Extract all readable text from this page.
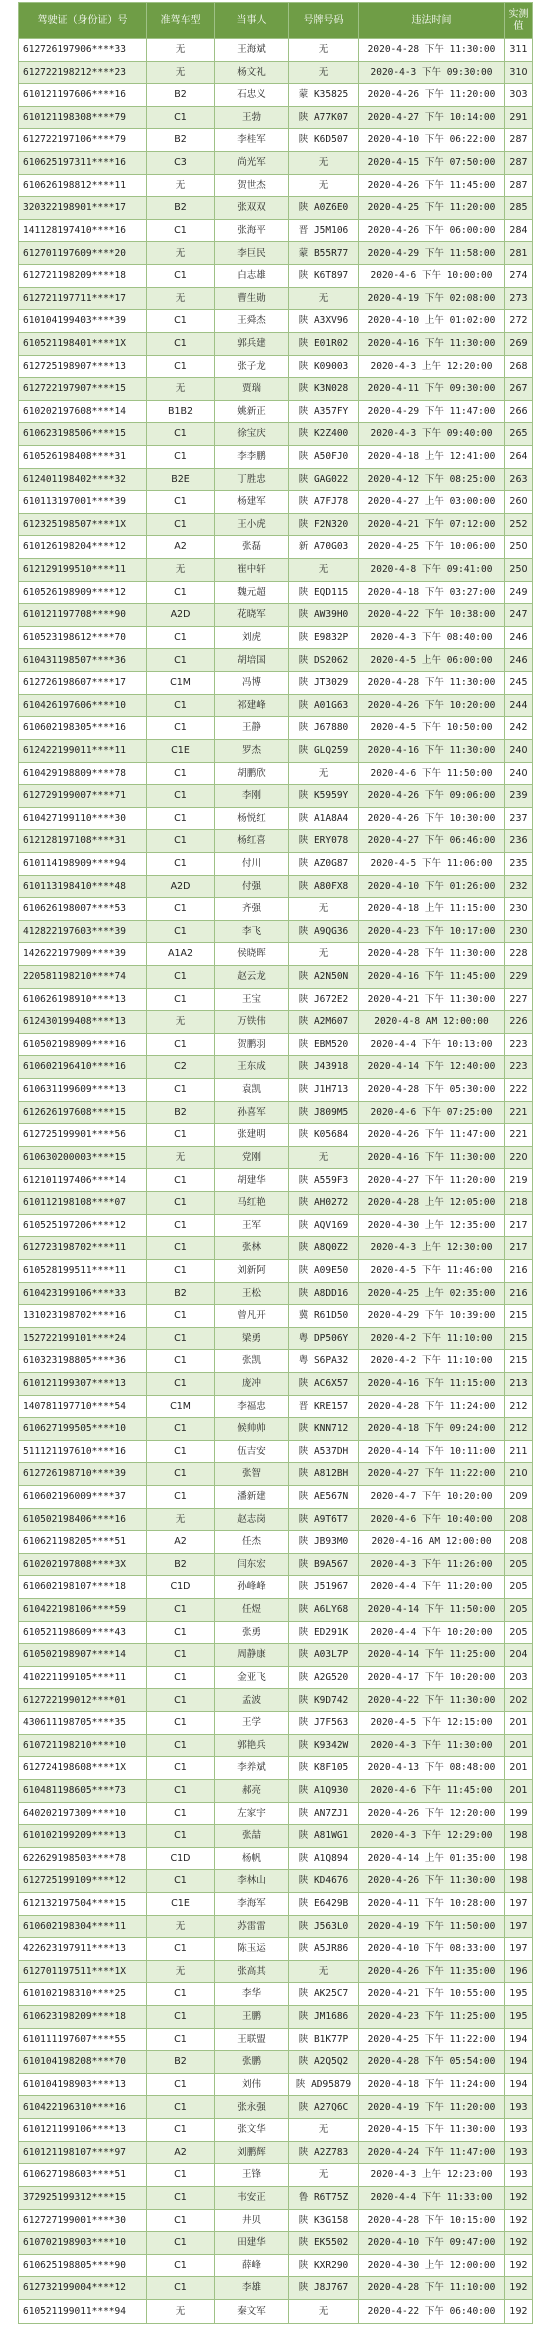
驾驶证（身份证）号	准驾车型	当事人	号牌号码	违法时间	实测值
612726197906****33	无	王海斌	无	2020-4-28 下午 11:30:00	311
612722198212****23	无	杨文礼	无	2020-4-3 下午 09:30:00	310
610121197606****16	B2	石忠义	蒙 K35825	2020-4-26 下午 11:20:00	303
610121198308****79	C1	王勃	陕 A77K07	2020-4-27 下午 10:14:00	291
612722197106****79	B2	李桂军	陕 K6D507	2020-4-10 下午 06:22:00	287
610625197311****16	C3	尚光军	无	2020-4-15 下午 07:50:00	287
610626198812****11	无	贺世杰	无	2020-4-26 下午 11:45:00	287
320322198901****17	B2	张双双	陕 A0Z6E0	2020-4-25 下午 11:20:00	285
141128197410****16	C1	张海平	晋 J5M106	2020-4-26 下午 06:00:00	284
612701197609****20	无	李巨民	蒙 B55R77	2020-4-29 下午 11:58:00	281
612721198209****18	C1	白志雄	陕 K6T897	2020-4-6 下午 10:00:00	274
612721197711****17	无	曹生勋	无	2020-4-19 下午 02:08:00	273
610104199403****39	C1	王舜杰	陕 A3XV96	2020-4-10 上午 01:02:00	272
610521198401****1X	C1	郭兵建	陕 E01R02	2020-4-16 下午 11:30:00	269
612725198907****13	C1	张子龙	陕 K09003	2020-4-3 上午 12:20:00	268
612722197907****15	无	贾瑞	陕 K3N028	2020-4-11 下午 09:30:00	267
610202197608****14	B1B2	姚新正	陕 A357FY	2020-4-29 下午 11:47:00	266
610623198506****15	C1	徐宝庆	陕 K2Z400	2020-4-3 下午 09:40:00	265
610526198408****31	C1	李李鹏	陕 A50FJ0	2020-4-18 上午 12:41:00	264
612401198402****32	B2E	丁胜忠	陕 GAG022	2020-4-12 下午 08:25:00	263
610113197001****39	C1	杨建军	陕 A7FJ78	2020-4-27 上午 03:00:00	260
612325198507****1X	C1	王小虎	陕 F2N320	2020-4-21 下午 07:12:00	252
610126198204****12	A2	张磊	新 A70G03	2020-4-25 下午 10:06:00	250
612129199510****11	无	崔中轩	无	2020-4-8 下午 09:41:00	250
610526198909****12	C1	魏元超	陕 EQD115	2020-4-18 下午 03:27:00	249
610121197708****90	A2D	花晓军	陕 AW39H0	2020-4-22 下午 10:38:00	247
610523198612****70	C1	刘虎	陕 E9832P	2020-4-3 下午 08:40:00	246
610431198507****36	C1	胡培国	陕 DS2062	2020-4-5 上午 06:00:00	246
612726198607****17	C1M	冯博	陕 JT3029	2020-4-28 下午 11:30:00	245
610426197606****10	C1	祁建峰	陕 A01G63	2020-4-26 下午 10:20:00	244
610602198305****16	C1	王静	陕 J67880	2020-4-5 下午 10:50:00	242
612422199011****11	C1E	罗杰	陕 GLQ259	2020-4-16 下午 11:30:00	240
610429198809****78	C1	胡鹏欣	无	2020-4-6 下午 11:50:00	240
612729199007****71	C1	李刚	陕 K5959Y	2020-4-26 下午 09:06:00	239
610427199110****30	C1	杨悦红	陕 A1A8A4	2020-4-26 下午 10:30:00	237
612128197108****31	C1	杨红喜	陕 ERY078	2020-4-27 下午 06:46:00	236
610114198909****94	C1	付川	陕 AZ0G87	2020-4-5 下午 11:06:00	235
610113198410****48	A2D	付强	陕 A80FX8	2020-4-10 下午 01:26:00	232
610626198007****53	C1	齐强	无	2020-4-18 上午 11:15:00	230
412822197603****39	C1	李飞	陕 A9QG36	2020-4-23 下午 10:17:00	230
142622197909****39	A1A2	侯晓晖	无	2020-4-28 下午 11:30:00	228
220581198210****74	C1	赵云龙	陕 A2N50N	2020-4-16 下午 11:45:00	229
610626198910****13	C1	王宝	陕 J672E2	2020-4-21 下午 11:30:00	227
612430199408****13	无	万铁伟	陕 A2M607	2020-4-8 AM 12:00:00	226
610502198909****16	C1	贺鹏羽	陕 EBM520	2020-4-4 下午 10:13:00	223
610602196410****16	C2	王东成	陕 J43918	2020-4-14 下午 12:40:00	223
610631199609****13	C1	袁凯	陕 J1H713	2020-4-28 下午 05:30:00	222
612626197608****15	B2	孙喜军	陕 J809M5	2020-4-6 下午 07:25:00	221
612725199901****56	C1	张建明	陕 K05684	2020-4-26 下午 11:47:00	221
610630200003****15	无	党刚	无	2020-4-16 下午 11:30:00	220
612101197406****14	C1	胡建华	陕 A559F3	2020-4-27 下午 11:20:00	219
610112198108****07	C1	马红艳	陕 AH0272	2020-4-28 上午 12:05:00	218
610525197206****12	C1	王军	陕 AQV169	2020-4-30 上午 12:35:00	217
612723198702****11	C1	张林	陕 A8Q0Z2	2020-4-3 上午 12:30:00	217
610528199511****11	C1	刘新阿	陕 A09E50	2020-4-5 下午 11:46:00	216
610423199106****33	B2	王松	陕 A8DD16	2020-4-25 上午 02:35:00	216
131023198702****16	C1	曾凡开	冀 R61D50	2020-4-29 下午 10:39:00	215
152722199101****24	C1	梁勇	粤 DP506Y	2020-4-2 下午 11:10:00	215
610323198805****36	C1	张凯	粤 S6PA32	2020-4-2 下午 11:10:00	215
610121199307****13	C1	庞冲	陕 AC6X57	2020-4-16 下午 11:15:00	213
140781197710****54	C1M	李福忠	晋 KRE157	2020-4-28 下午 11:24:00	212
610627199505****10	C1	候帅帅	陕 KNN712	2020-4-18 下午 09:24:00	212
511121197610****16	C1	伍吉安	陕 A537DH	2020-4-14 下午 10:11:00	211
612726198710****39	C1	张智	陕 A812BH	2020-4-27 下午 11:22:00	210
610602196009****37	C1	潘新建	陕 AE567N	2020-4-7 下午 10:20:00	209
610502198406****16	无	赵志岗	陕 A9T6T7	2020-4-6 下午 10:40:00	208
610621198205****51	A2	任杰	陕 JB93M0	2020-4-16 AM 12:00:00	208
610202197808****3X	B2	闫东宏	陕 B9A567	2020-4-3 下午 11:26:00	205
610602198107****18	C1D	孙峰峰	陕 J51967	2020-4-4 下午 11:20:00	205
610422198106****59	C1	任煜	陕 A6LY68	2020-4-14 下午 11:50:00	205
610521198609****43	C1	张勇	陕 ED291K	2020-4-4 下午 10:20:00	205
610502198907****14	C1	周静康	陕 A03L7P	2020-4-14 下午 11:25:00	204
410221199105****11	C1	金亚飞	陕 A2G520	2020-4-17 下午 10:20:00	203
612722199012****01	C1	孟波	陕 K9D742	2020-4-22 下午 11:30:00	202
430611198705****35	C1	王学	陕 J7F563	2020-4-5 下午 12:15:00	201
610721198210****10	C1	郭艳兵	陕 K9342W	2020-4-3 下午 11:30:00	201
612724198608****1X	C1	李养斌	陕 K8F105	2020-4-13 下午 08:48:00	201
610481198605****73	C1	郝亮	陕 A1Q930	2020-4-6 下午 11:45:00	201
640202197309****10	C1	左家宇	陕 AN7ZJ1	2020-4-26 下午 12:20:00	199
610102199209****13	C1	张喆	陕 A81WG1	2020-4-3 下午 12:29:00	198
622629198503****78	C1D	杨帆	陕 A1Q894	2020-4-14 上午 01:35:00	198
612725199109****12	C1	李林山	陕 KD4676	2020-4-26 下午 11:30:00	198
612132197504****15	C1E	李海军	陕 E6429B	2020-4-11 下午 10:28:00	197
610602198304****11	无	苏雷雷	陕 J563L0	2020-4-19 下午 11:50:00	197
422623197911****13	C1	陈玉运	陕 A5JR86	2020-4-10 下午 08:33:00	197
612701197511****1X	无	张高其	无	2020-4-26 下午 11:35:00	196
610102198310****25	C1	李华	陕 AK25C7	2020-4-21 下午 10:55:00	195
610623198209****18	C1	王鹏	陕 JM1686	2020-4-23 下午 11:25:00	195
610111197607****55	C1	王联盟	陕 B1K77P	2020-4-25 下午 11:22:00	194
610104198208****70	B2	张鹏	陕 A2Q5Q2	2020-4-28 下午 05:54:00	194
610104198903****13	C1	刘伟	陕 AD95879	2020-4-18 下午 11:24:00	194
610422196310****16	C1	张永强	陕 A27Q6C	2020-4-19 下午 11:20:00	193
610121199106****13	C1	张文华	无	2020-4-15 下午 11:30:00	193
610121198107****97	A2	刘鹏辉	陕 A2Z783	2020-4-24 下午 11:47:00	193
610627198603****51	C1	王锋	无	2020-4-3 上午 12:23:00	193
372925199312****15	C1	韦安正	鲁 R6T75Z	2020-4-4 下午 11:33:00	192
612727199001****30	C1	井贝	陕 K3G158	2020-4-28 下午 10:15:00	192
610702198903****10	C1	田建华	陕 EK5502	2020-4-10 下午 09:47:00	192
610625198805****90	C1	薛峰	陕 KXR290	2020-4-30 上午 12:00:00	192
612732199004****12	C1	李雄	陕 J8J767	2020-4-28 下午 11:10:00	192
610521199011****94	无	秦文军	无	2020-4-22 下午 06:40:00	192
